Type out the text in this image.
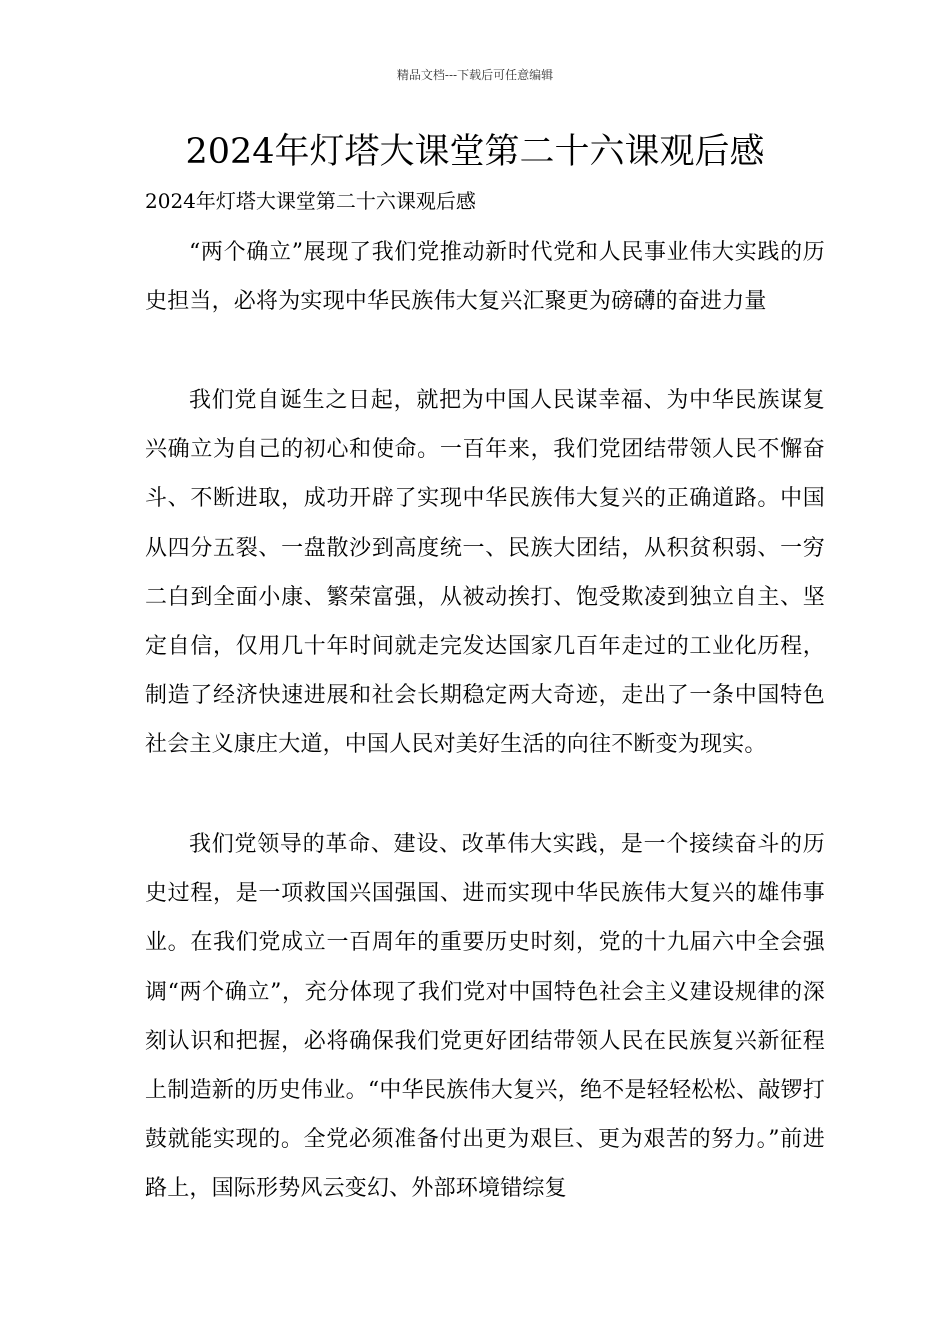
精品文档---下载后可任意编辑
2024年灯塔大课堂第二十六课观后感
2024年灯塔大课堂第二十六课观后感

“两个确立”展现了我们党推动新时代党和人民事业伟大实践的历史担当，必将为实现中华民族伟大复兴汇聚更为磅礴的奋进力量

我们党自诞生之日起，就把为中国人民谋幸福、为中华民族谋复兴确立为自己的初心和使命。一百年来，我们党团结带领人民不懈奋斗、不断进取，成功开辟了实现中华民族伟大复兴的正确道路。中国从四分五裂、一盘散沙到高度统一、民族大团结，从积贫积弱、一穷二白到全面小康、繁荣富强，从被动挨打、饱受欺凌到独立自主、坚定自信，仅用几十年时间就走完发达国家几百年走过的工业化历程，制造了经济快速进展和社会长期稳定两大奇迹，走出了一条中国特色社会主义康庄大道，中国人民对美好生活的向往不断变为现实。

我们党领导的革命、建设、改革伟大实践，是一个接续奋斗的历史过程，是一项救国兴国强国、进而实现中华民族伟大复兴的雄伟事业。在我们党成立一百周年的重要历史时刻，党的十九届六中全会强调“两个确立”，充分体现了我们党对中国特色社会主义建设规律的深刻认识和把握，必将确保我们党更好团结带领人民在民族复兴新征程上制造新的历史伟业。“中华民族伟大复兴，绝不是轻轻松松、敲锣打鼓就能实现的。全党必须准备付出更为艰巨、更为艰苦的努力。”前进路上，国际形势风云变幻、外部环境错综复
